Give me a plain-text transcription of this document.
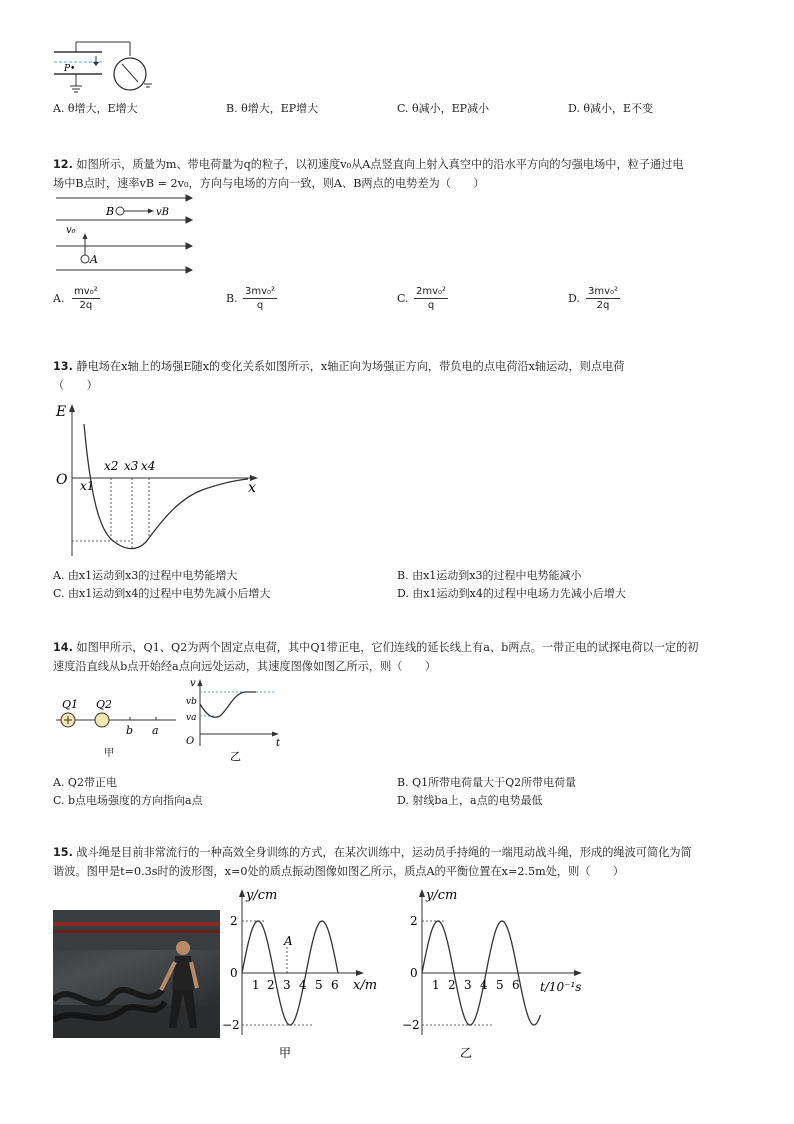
P•
A. θ增大，E增大	B. θ增大，EP增大	C. θ减小，EP减小	D. θ减小，E不变
12. 如图所示，质量为m、带电荷量为q的粒子，以初速度v₀从A点竖直向上射入真空中的沿水平方向的匀强电场中，粒子通过电
场中B点时，速率vB = 2v₀，方向与电场的方向一致，则A、B两点的电势差为（　　）
B	vB
v₀
A
A. $\frac{\text{mv₀²}}{2q}$	B. $\frac{\text{3mv₀²}}{q}$	C. $\frac{\text{2mv₀²}}{q}$	D. $\frac{\text{3mv₀²}}{2q}$
13. 静电场在x轴上的场强E随x的变化关系如图所示，x轴正向为场强正方向，带负电的点电荷沿x轴运动，则点电荷
（　　）
E
O	x
x1
x2 x3 x4
A. 由x1运动到x3的过程中电势能增大	B. 由x1运动到x3的过程中电势能减小
C. 由x1运动到x4的过程中电势先减小后增大	D. 由x1运动到x4的过程中电场力先减小后增大
14. 如图甲所示，Q1、Q2为两个固定点电荷，其中Q1带正电，它们连线的延长线上有a、b两点。一带正电的试探电荷以一定的初
速度沿直线从b点开始经a点向远处运动，其速度图像如图乙所示，则（　　）
Q1 Q2
b a
甲
v
vb
va
O	t
乙
A. Q2带正电	B. Q1所带电荷量大于Q2所带电荷量
C. b点电场强度的方向指向a点	D. 射线ba上，a点的电势最低
15. 战斗绳是目前非常流行的一种高效全身训练的方式，在某次训练中，运动员手持绳的一端甩动战斗绳，形成的绳波可简化为简
谐波。图甲是t=0.3s时的波形图，x=0处的质点振动图像如图乙所示，质点A的平衡位置在x=2.5m处，则（　　）
y/cm
x/m
A
2
0
−2
1 2 3 4 5 6
甲
y/cm
t/10⁻¹s
2
0
−2
1 2 3 4 5 6
乙
